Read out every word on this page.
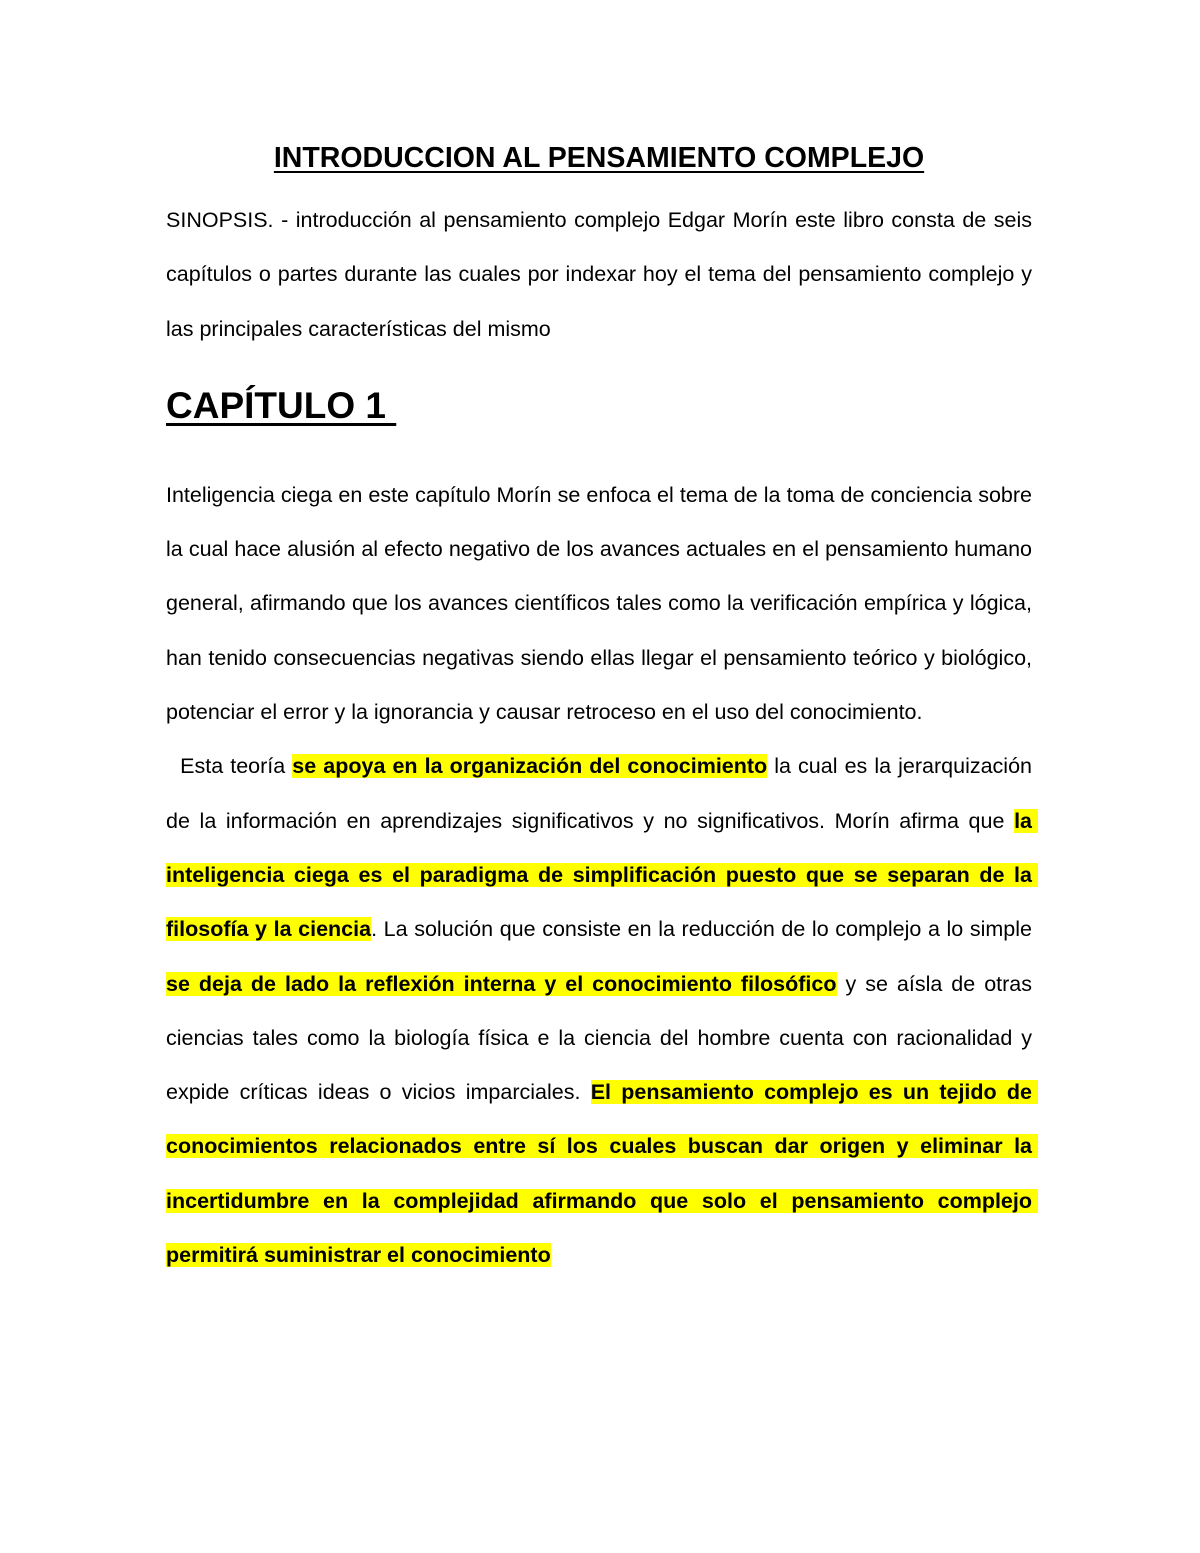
INTRODUCCION AL PENSAMIENTO COMPLEJO

SINOPSIS. - introducción al pensamiento complejo Edgar Morín este libro consta de seis capítulos o partes durante las cuales por indexar hoy el tema del pensamiento complejo y las principales características del mismo

CAPÍTULO 1

Inteligencia ciega en este capítulo Morín se enfoca el tema de la toma de conciencia sobre la cual hace alusión al efecto negativo de los avances actuales en el pensamiento humano general, afirmando que los avances científicos tales como la verificación empírica y lógica, han tenido consecuencias negativas siendo ellas llegar el pensamiento teórico y biológico, potenciar el error y la ignorancia y causar retroceso en el uso del conocimiento.

Esta teoría se apoya en la organización del conocimiento la cual es la jerarquización de la información en aprendizajes significativos y no significativos. Morín afirma que la inteligencia ciega es el paradigma de simplificación puesto que se separan de la filosofía y la ciencia. La solución que consiste en la reducción de lo complejo a lo simple se deja de lado la reflexión interna y el conocimiento filosófico y se aísla de otras ciencias tales como la biología física e la ciencia del hombre cuenta con racionalidad y expide críticas ideas o vicios imparciales. El pensamiento complejo es un tejido de conocimientos relacionados entre sí los cuales buscan dar origen y eliminar la incertidumbre en la complejidad afirmando que solo el pensamiento complejo permitirá suministrar el conocimiento
